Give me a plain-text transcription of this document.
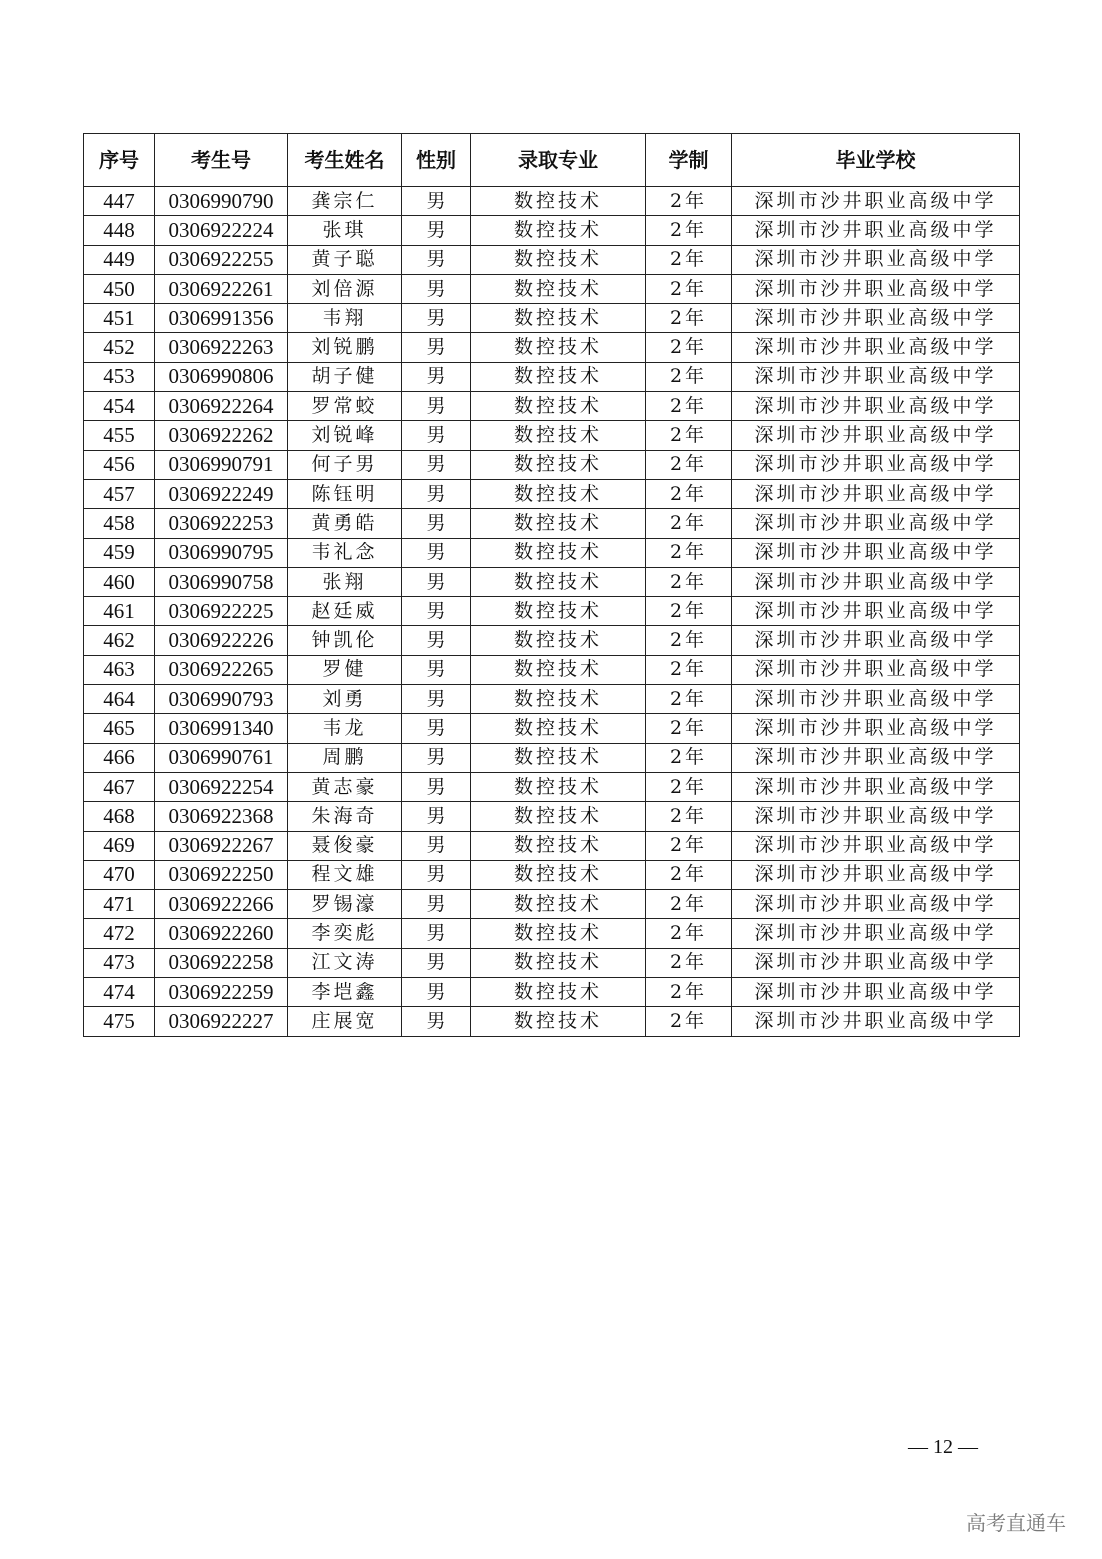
序号	考生号	考生姓名	性别	录取专业	学制	毕业学校
447	0306990790	龚宗仁	男	数控技术	2年	深圳市沙井职业高级中学
448	0306922224	张琪	男	数控技术	2年	深圳市沙井职业高级中学
449	0306922255	黄子聪	男	数控技术	2年	深圳市沙井职业高级中学
450	0306922261	刘倍源	男	数控技术	2年	深圳市沙井职业高级中学
451	0306991356	韦翔	男	数控技术	2年	深圳市沙井职业高级中学
452	0306922263	刘锐鹏	男	数控技术	2年	深圳市沙井职业高级中学
453	0306990806	胡子健	男	数控技术	2年	深圳市沙井职业高级中学
454	0306922264	罗常蛟	男	数控技术	2年	深圳市沙井职业高级中学
455	0306922262	刘锐峰	男	数控技术	2年	深圳市沙井职业高级中学
456	0306990791	何子男	男	数控技术	2年	深圳市沙井职业高级中学
457	0306922249	陈钰明	男	数控技术	2年	深圳市沙井职业高级中学
458	0306922253	黄勇皓	男	数控技术	2年	深圳市沙井职业高级中学
459	0306990795	韦礼念	男	数控技术	2年	深圳市沙井职业高级中学
460	0306990758	张翔	男	数控技术	2年	深圳市沙井职业高级中学
461	0306922225	赵廷威	男	数控技术	2年	深圳市沙井职业高级中学
462	0306922226	钟凯伦	男	数控技术	2年	深圳市沙井职业高级中学
463	0306922265	罗健	男	数控技术	2年	深圳市沙井职业高级中学
464	0306990793	刘勇	男	数控技术	2年	深圳市沙井职业高级中学
465	0306991340	韦龙	男	数控技术	2年	深圳市沙井职业高级中学
466	0306990761	周鹏	男	数控技术	2年	深圳市沙井职业高级中学
467	0306922254	黄志豪	男	数控技术	2年	深圳市沙井职业高级中学
468	0306922368	朱海奇	男	数控技术	2年	深圳市沙井职业高级中学
469	0306922267	聂俊豪	男	数控技术	2年	深圳市沙井职业高级中学
470	0306922250	程文雄	男	数控技术	2年	深圳市沙井职业高级中学
471	0306922266	罗锡濠	男	数控技术	2年	深圳市沙井职业高级中学
472	0306922260	李奕彪	男	数控技术	2年	深圳市沙井职业高级中学
473	0306922258	江文涛	男	数控技术	2年	深圳市沙井职业高级中学
474	0306922259	李垲鑫	男	数控技术	2年	深圳市沙井职业高级中学
475	0306922227	庄展宽	男	数控技术	2年	深圳市沙井职业高级中学
— 12 —
高考直通车
